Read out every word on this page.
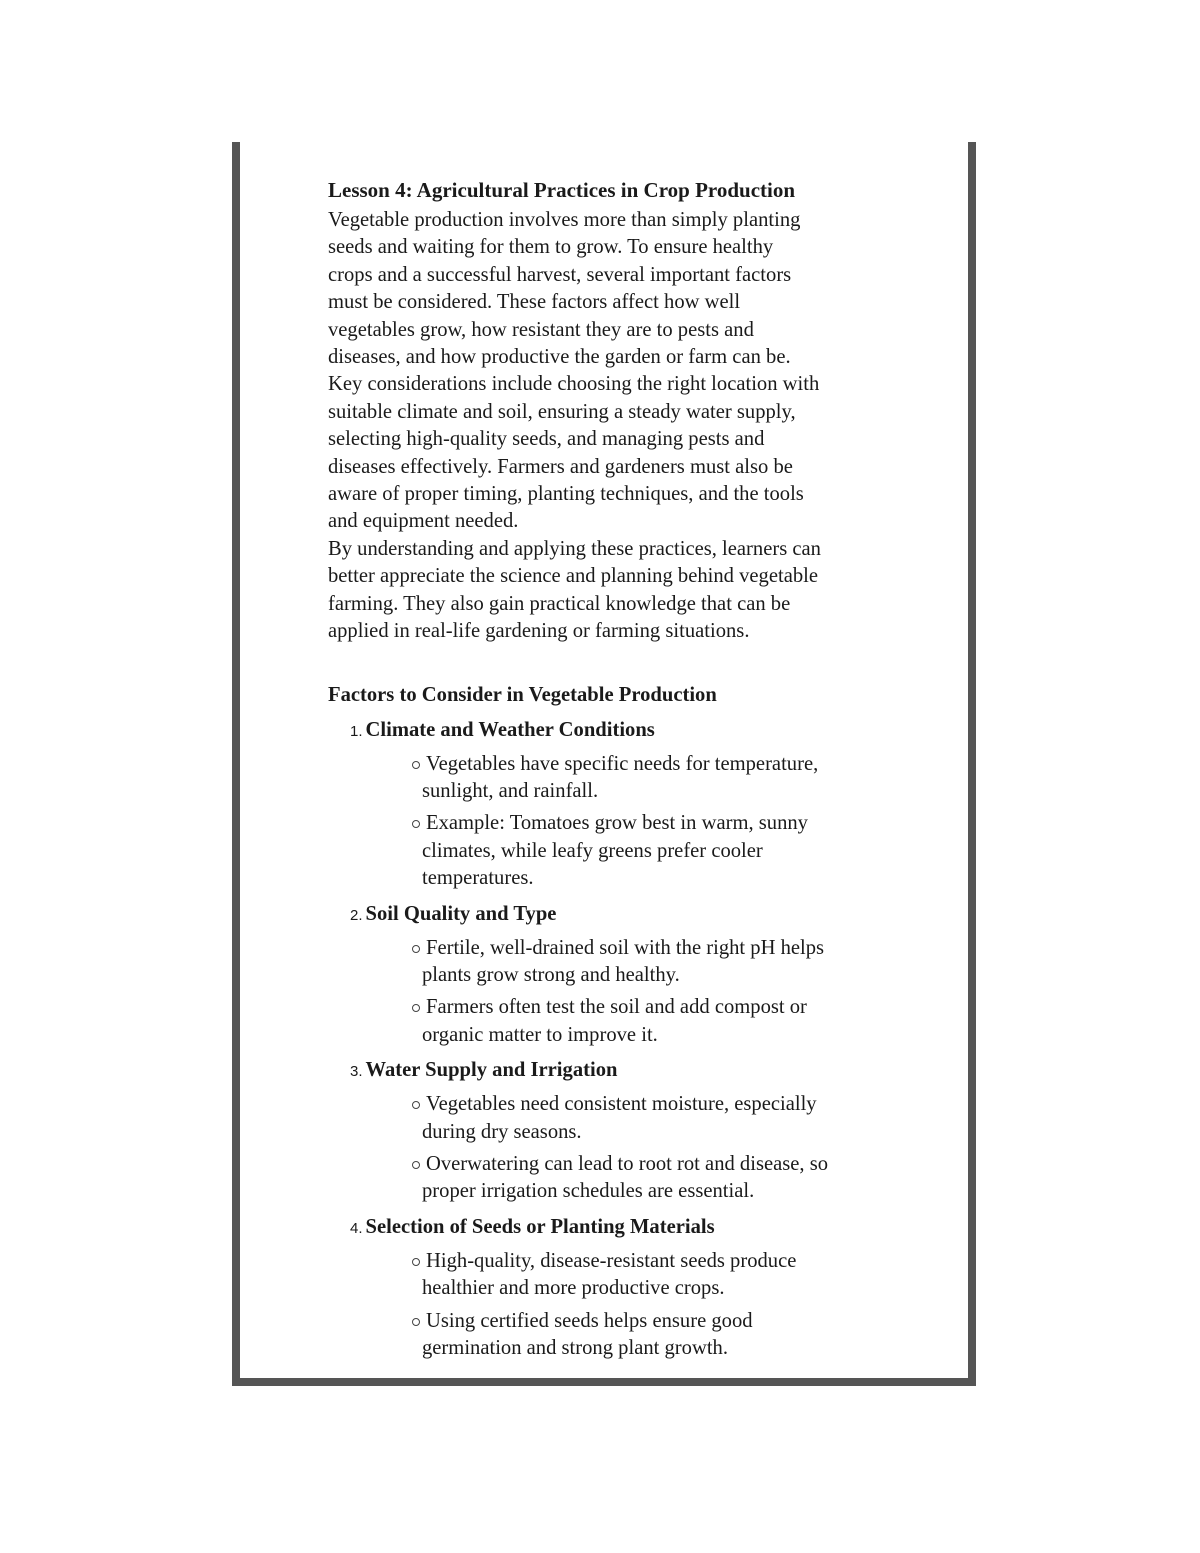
Lesson 4: Agricultural Practices in Crop Production

Vegetable production involves more than simply planting
seeds and waiting for them to grow. To ensure healthy
crops and a successful harvest, several important factors
must be considered. These factors affect how well
vegetables grow, how resistant they are to pests and
diseases, and how productive the garden or farm can be.
Key considerations include choosing the right location with
suitable climate and soil, ensuring a steady water supply,
selecting high-quality seeds, and managing pests and
diseases effectively. Farmers and gardeners must also be
aware of proper timing, planting techniques, and the tools
and equipment needed.
By understanding and applying these practices, learners can
better appreciate the science and planning behind vegetable
farming. They also gain practical knowledge that can be
applied in real-life gardening or farming situations.

Factors to Consider in Vegetable Production
1. Climate and Weather Conditions
Vegetables have specific needs for temperature,
sunlight, and rainfall.
Example: Tomatoes grow best in warm, sunny
climates, while leafy greens prefer cooler
temperatures.
2. Soil Quality and Type
Fertile, well-drained soil with the right pH helps
plants grow strong and healthy.
Farmers often test the soil and add compost or
organic matter to improve it.
3. Water Supply and Irrigation
Vegetables need consistent moisture, especially
during dry seasons.
Overwatering can lead to root rot and disease, so
proper irrigation schedules are essential.
4. Selection of Seeds or Planting Materials
High-quality, disease-resistant seeds produce
healthier and more productive crops.
Using certified seeds helps ensure good
germination and strong plant growth.
